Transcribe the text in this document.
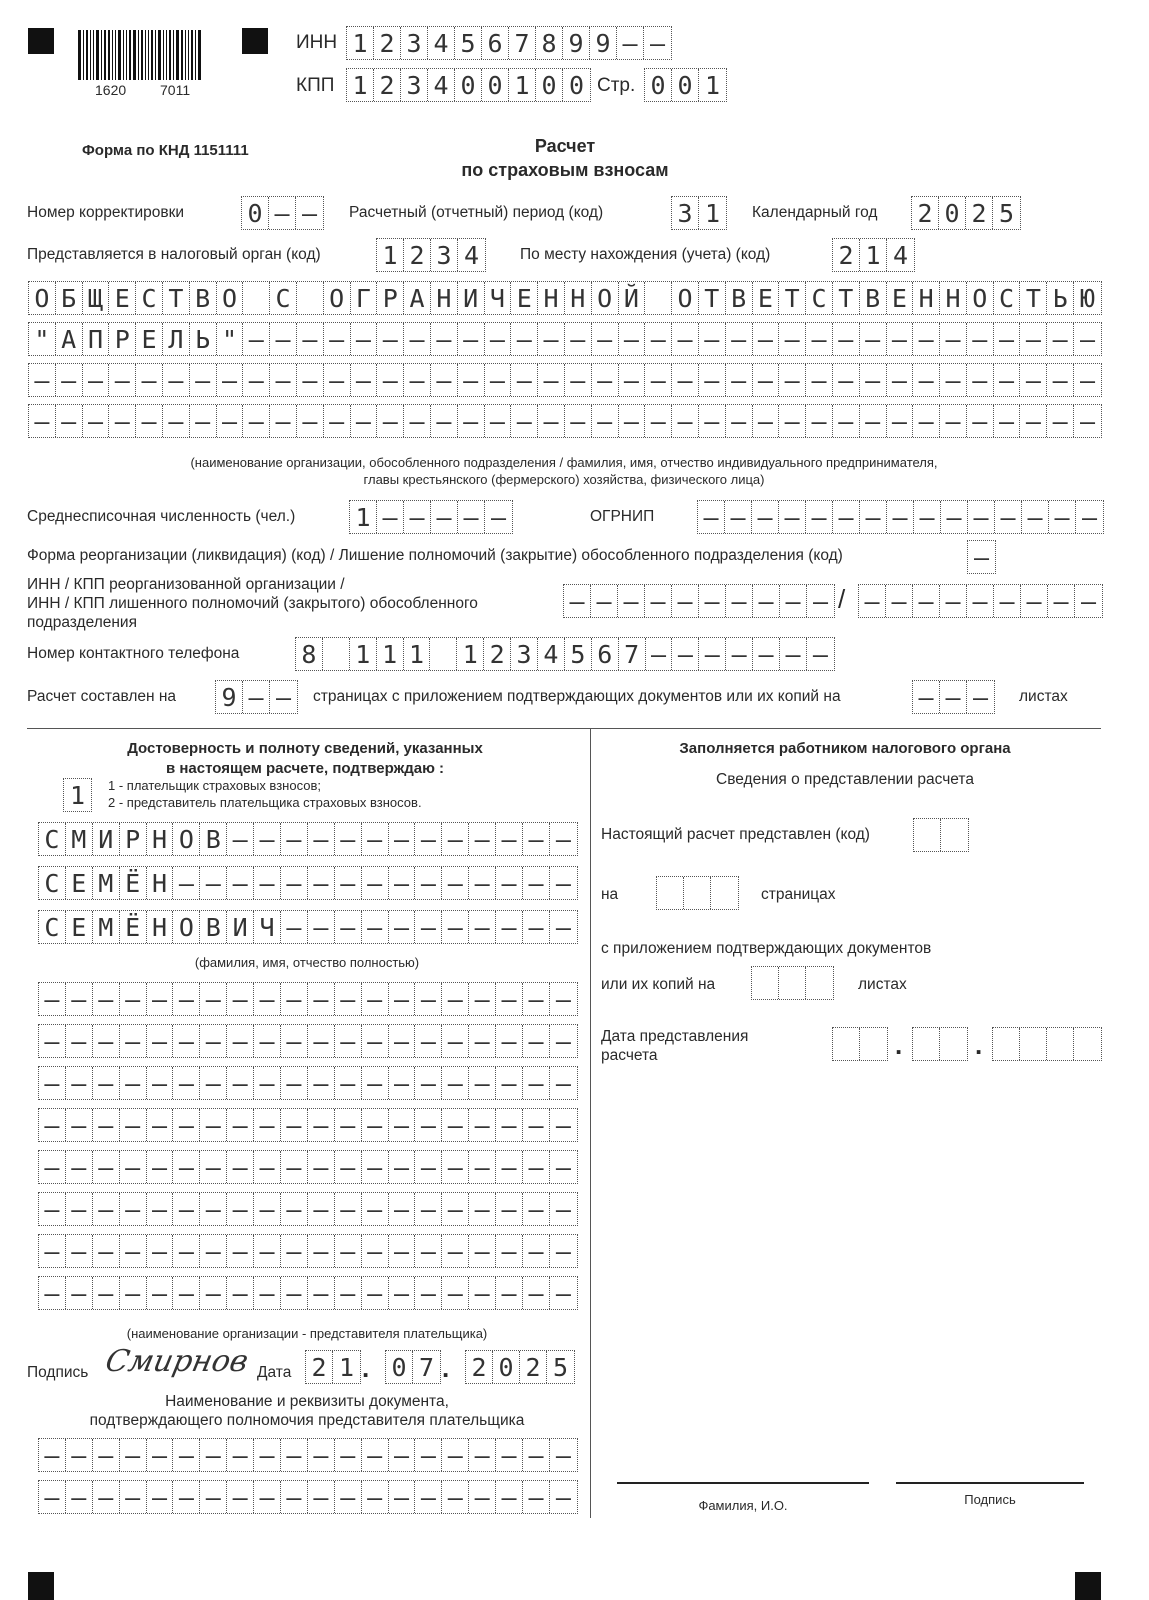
1620 7011
ИНН 1 2 3 4 5 6 7 8 9 9 – –
КПП 1 2 3 4 0 0 1 0 0 Стр. 0 0 1
Форма по КНД 1151111	Расчет
по страховым взносам
Номер корректировки	0 – –	Расчетный (отчетный) период (код)	3 1	Календарный год 2 0 2 5
Представляется в налоговый орган (код) 1 2 3 4	По месту нахождения (учета) (код)	2 1 4
О Б Щ Е С Т В О С О Г Р А Н И Ч Е Н Н О Й О Т В Е Т С Т В Е Н Н О С Т Ь Ю
" А П Р Е Л Ь " – – – – – – – – – – – – – – – – – – – – – – – – – – – – – – – –
– – – – – – – – – – – – – – – – – – – – – – – – – – – – – – – – – – – – – – – –
– – – – – – – – – – – – – – – – – – – – – – – – – – – – – – – – – – – – – – – –
(наименование организации, обособленного подразделения / фамилия, имя, отчество индивидуального предпринимателя,
главы крестьянского (фермерского) хозяйства, физического лица)
Среднесписочная численность (чел.) 1 – – – – –	ОГРНИП – – – – – – – – – – – – – – –
Форма реорганизации (ликвидация) (код) / Лишение полномочий (закрытие) обособленного подразделения (код)	–
ИНН / КПП реорганизованной организации /
ИНН / КПП лишенного полномочий (закрытого) обособленного
подразделения
– – – – – – – – – – / – – – – – – – – –
Номер контактного телефона 8 1 1 1 1 2 3 4 5 6 7 – – – – – – –
Расчет составлен на 9 – –	страницах с приложением подтверждающих документов или их копий на	– – –	листах
Достоверность и полноту сведений, указанных
в настоящем расчете, подтверждаю :
1	1 - плательщик страховых взносов;
2 - представитель плательщика страховых взносов.
С М И Р Н О В – – – – – – – – – – – – –
С Е М Ё Н – – – – – – – – – – – – – – –
С Е М Ё Н О В И Ч – – – – – – – – – – –
(фамилия, имя, отчество полностью)
– – – – – – – – – – – – – – – – – – – –
– – – – – – – – – – – – – – – – – – – –
– – – – – – – – – – – – – – – – – – – –
– – – – – – – – – – – – – – – – – – – –
– – – – – – – – – – – – – – – – – – – –
– – – – – – – – – – – – – – – – – – – –
– – – – – – – – – – – – – – – – – – – –
– – – – – – – – – – – – – – – – – – – –
(наименование организации - представителя плательщика)
Подпись Смирнов Дата 2 1 . 0 7 . 2 0 2 5
Наименование и реквизиты документа,
подтверждающего полномочия представителя плательщика
– – – – – – – – – – – – – – – – – – – –
– – – – – – – – – – – – – – – – – – – –
Заполняется работником налогового органа
Сведения о представлении расчета
Настоящий расчет представлен (код)
на	страницах
с приложением подтверждающих документов
или их копий на	листах
Дата представления
расчета	.	.
Фамилия, И.О.	Подпись
